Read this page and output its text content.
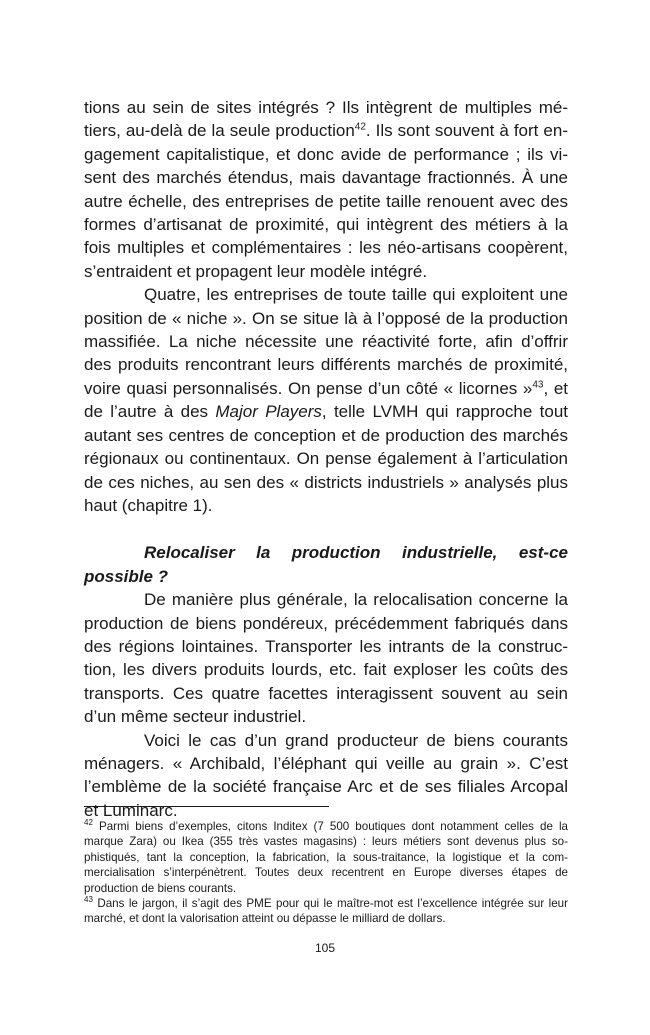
tions au sein de sites intégrés ? Ils intègrent de multiples métiers, au-delà de la seule production$^{42}$. Ils sont souvent à fort engagement capitalistique, et donc avide de performance ; ils visent des marchés étendus, mais davantage fractionnés. À une autre échelle, des entreprises de petite taille renouent avec des formes d’artisanat de proximité, qui intègrent des métiers à la fois multiples et complémentaires : les néo-artisans coopèrent, s’entraident et propagent leur modèle intégré.

Quatre, les entreprises de toute taille qui exploitent une position de « niche ». On se situe là à l’opposé de la production massifiée. La niche nécessite une réactivité forte, afin d’offrir des produits rencontrant leurs différents marchés de proximité, voire quasi personnalisés. On pense d’un côté « licornes »$^{43}$, et de l’autre à des Major Players, telle LVMH qui rapproche tout autant ses centres de conception et de production des marchés régionaux ou continentaux. On pense également à l’articulation de ces niches, au sen des « districts industriels » analysés plus haut (chapitre 1).

Relocaliser la production industrielle, est-ce possible ?

De manière plus générale, la relocalisation concerne la production de biens pondéreux, précédemment fabriqués dans des régions lointaines. Transporter les intrants de la construction, les divers produits lourds, etc. fait exploser les coûts des transports. Ces quatre facettes interagissent souvent au sein d’un même secteur industriel.

Voici le cas d’un grand producteur de biens courants ménagers. « Archibald, l’éléphant qui veille au grain ». C’est l’emblème de la société française Arc et de ses filiales Arcopal et Luminarc.

$^{42}$ Parmi biens d’exemples, citons Inditex (7 500 boutiques dont notamment celles de la marque Zara) ou Ikea (355 très vastes magasins) : leurs métiers sont devenus plus sophistiqués, tant la conception, la fabrication, la sous-traitance, la logistique et la commercialisation s’interpénètrent. Toutes deux recentrent en Europe diverses étapes de production de biens courants.

$^{43}$ Dans le jargon, il s’agit des PME pour qui le maître-mot est l’excellence intégrée sur leur marché, et dont la valorisation atteint ou dépasse le milliard de dollars.

105
